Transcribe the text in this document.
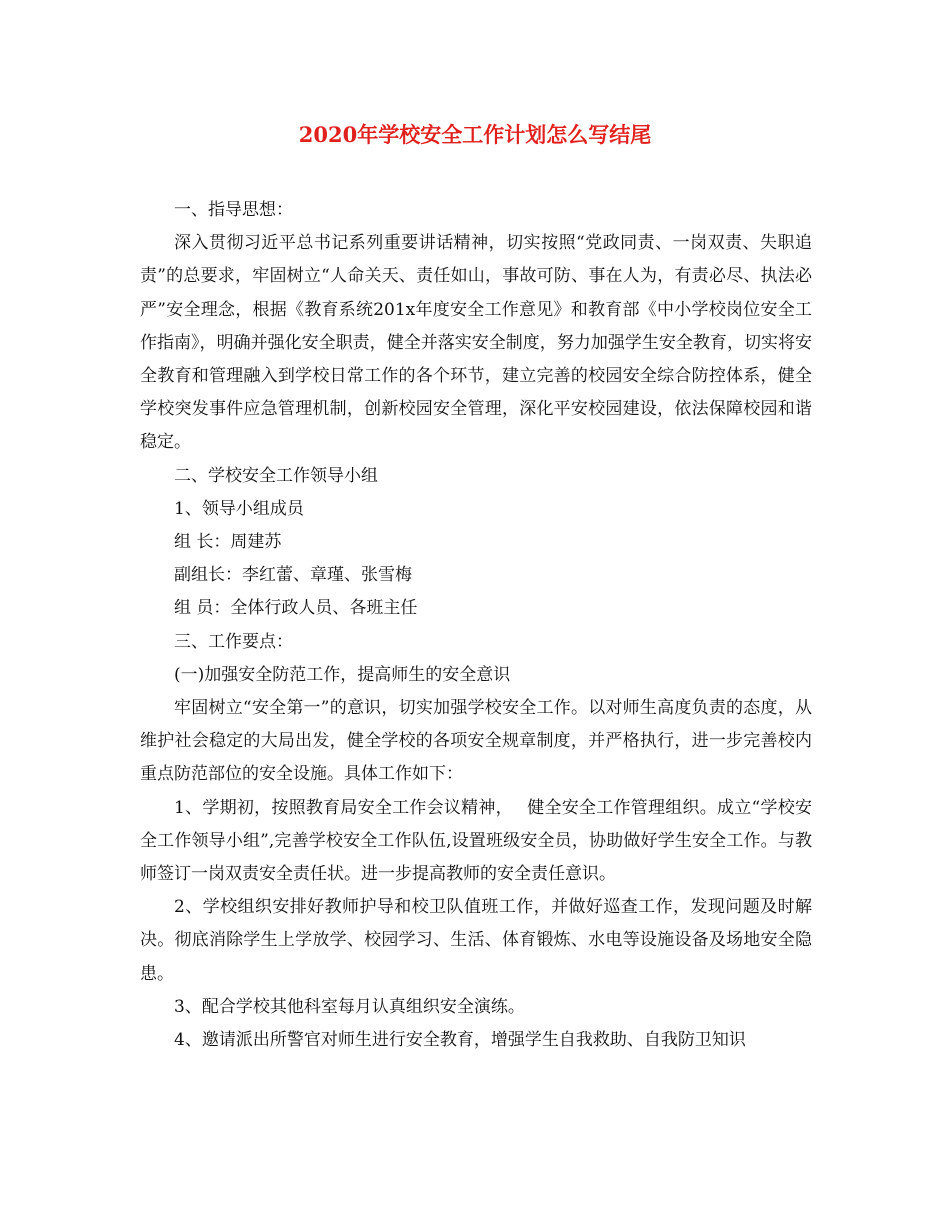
2020年学校安全工作计划怎么写结尾

一、指导思想：

深入贯彻习近平总书记系列重要讲话精神，切实按照“党政同责、一岗双责、失职追责”的总要求，牢固树立“人命关天、责任如山，事故可防、事在人为，有责必尽、执法必严”安全理念，根据《教育系统201x年度安全工作意见》和教育部《中小学校岗位安全工作指南》，明确并强化安全职责，健全并落实安全制度，努力加强学生安全教育，切实将安全教育和管理融入到学校日常工作的各个环节，建立完善的校园安全综合防控体系，健全学校突发事件应急管理机制，创新校园安全管理，深化平安校园建设，依法保障校园和谐稳定。

二、学校安全工作领导小组

1、领导小组成员

组 长：周建苏

副组长：李红蕾、章瑾、张雪梅

组 员：全体行政人员、各班主任

三、工作要点：

(一)加强安全防范工作，提高师生的安全意识

牢固树立“安全第一”的意识，切实加强学校安全工作。以对师生高度负责的态度，从维护社会稳定的大局出发，健全学校的各项安全规章制度，并严格执行，进一步完善校内重点防范部位的安全设施。具体工作如下：

1、学期初，按照教育局安全工作会议精神，　 健全安全工作管理组织。成立“学校安全工作领导小组”,完善学校安全工作队伍,设置班级安全员，协助做好学生安全工作。与教师签订一岗双责安全责任状。进一步提高教师的安全责任意识。

2、学校组织安排好教师护导和校卫队值班工作，并做好巡查工作，发现问题及时解决。彻底消除学生上学放学、校园学习、生活、体育锻炼、水电等设施设备及场地安全隐患。

3、配合学校其他科室每月认真组织安全演练。

4、邀请派出所警官对师生进行安全教育，增强学生自我救助、自我防卫知识
